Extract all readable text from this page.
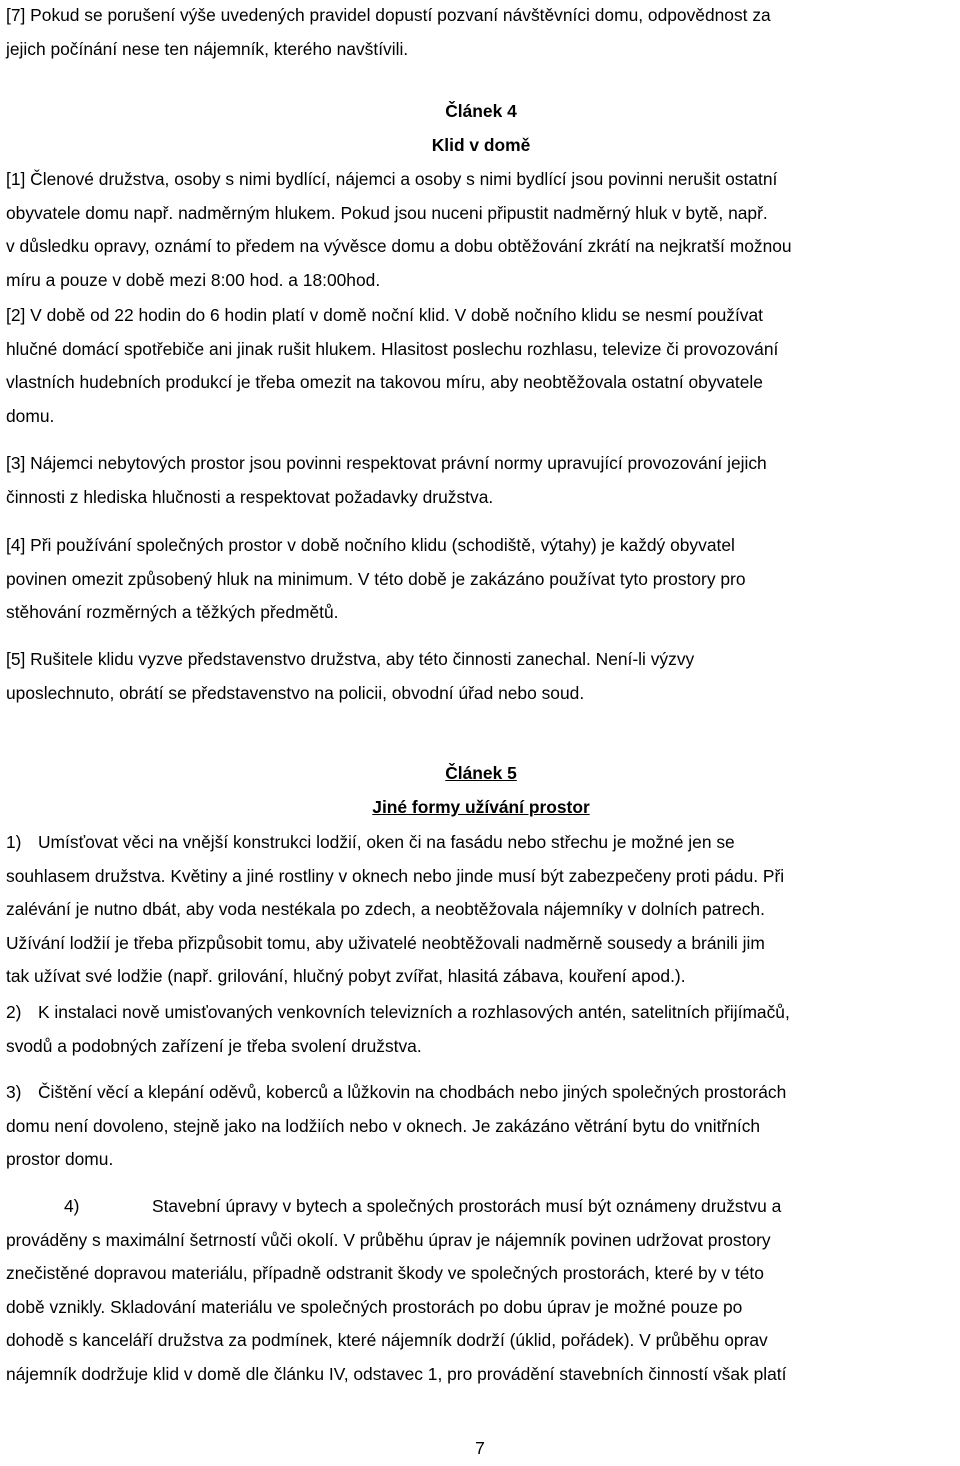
[7] Pokud se porušení výše uvedených pravidel dopustí pozvaní návštěvníci domu, odpovědnost za

jejich počínání nese ten nájemník, kterého navštívili.

Článek 4

Klid v domě

[1] Členové družstva, osoby s nimi bydlící, nájemci a osoby s nimi bydlící jsou povinni nerušit ostatní

obyvatele domu např. nadměrným hlukem. Pokud jsou nuceni připustit nadměrný hluk v bytě, např.

v důsledku opravy, oznámí to předem na vývěsce domu a dobu obtěžování zkrátí na nejkratší možnou

míru a pouze v době mezi 8:00 hod. a 18:00hod.

[2] V době od 22 hodin do 6 hodin platí v domě noční klid. V době nočního klidu se nesmí používat

hlučné domácí spotřebiče ani jinak rušit hlukem. Hlasitost poslechu rozhlasu, televize či provozování

vlastních hudebních produkcí je třeba omezit na takovou míru, aby neobtěžovala ostatní obyvatele

domu.

[3] Nájemci nebytových prostor jsou povinni respektovat právní normy upravující provozování jejich

činnosti z hlediska hlučnosti a respektovat požadavky družstva.

[4] Při používání společných prostor v době nočního klidu (schodiště, výtahy) je každý obyvatel

povinen omezit způsobený hluk na minimum. V této době je zakázáno používat tyto prostory pro

stěhování rozměrných a těžkých předmětů.

[5] Rušitele klidu vyzve představenstvo družstva, aby této činnosti zanechal. Není-li výzvy

uposlechnuto, obrátí se představenstvo na policii, obvodní úřad nebo soud.

Článek 5

Jiné formy užívání prostor

1) Umísťovat věci na vnější konstrukci lodžií, oken či na fasádu nebo střechu je možné jen se

souhlasem družstva. Květiny a jiné rostliny v oknech nebo jinde musí být zabezpečeny proti pádu. Při

zalévání je nutno dbát, aby voda nestékala po zdech, a neobtěžovala nájemníky v dolních patrech.

Užívání lodžií je třeba přizpůsobit tomu, aby uživatelé neobtěžovali nadměrně sousedy a bránili jim

tak užívat své lodžie (např. grilování, hlučný pobyt zvířat, hlasitá zábava, kouření apod.).

2) K instalaci nově umisťovaných venkovních televizních a rozhlasových antén, satelitních přijímačů,

svodů a podobných zařízení je třeba svolení družstva.

3) Čištění věcí a klepání oděvů, koberců a lůžkovin na chodbách nebo jiných společných prostorách

domu není dovoleno, stejně jako na lodžiích nebo v oknech. Je zakázáno větrání bytu do vnitřních

prostor domu.

4)	Stavební úpravy v bytech a společných prostorách musí být oznámeny družstvu a

prováděny s maximální šetrností vůči okolí. V průběhu úprav je nájemník povinen udržovat prostory

znečistěné dopravou materiálu, případně odstranit škody ve společných prostorách, které by v této

době vznikly. Skladování materiálu ve společných prostorách po dobu úprav je možné pouze po

dohodě s kanceláří družstva za podmínek, které nájemník dodrží (úklid, pořádek). V průběhu oprav

nájemník dodržuje klid v domě dle článku IV, odstavec 1, pro provádění stavebních činností však platí

7
